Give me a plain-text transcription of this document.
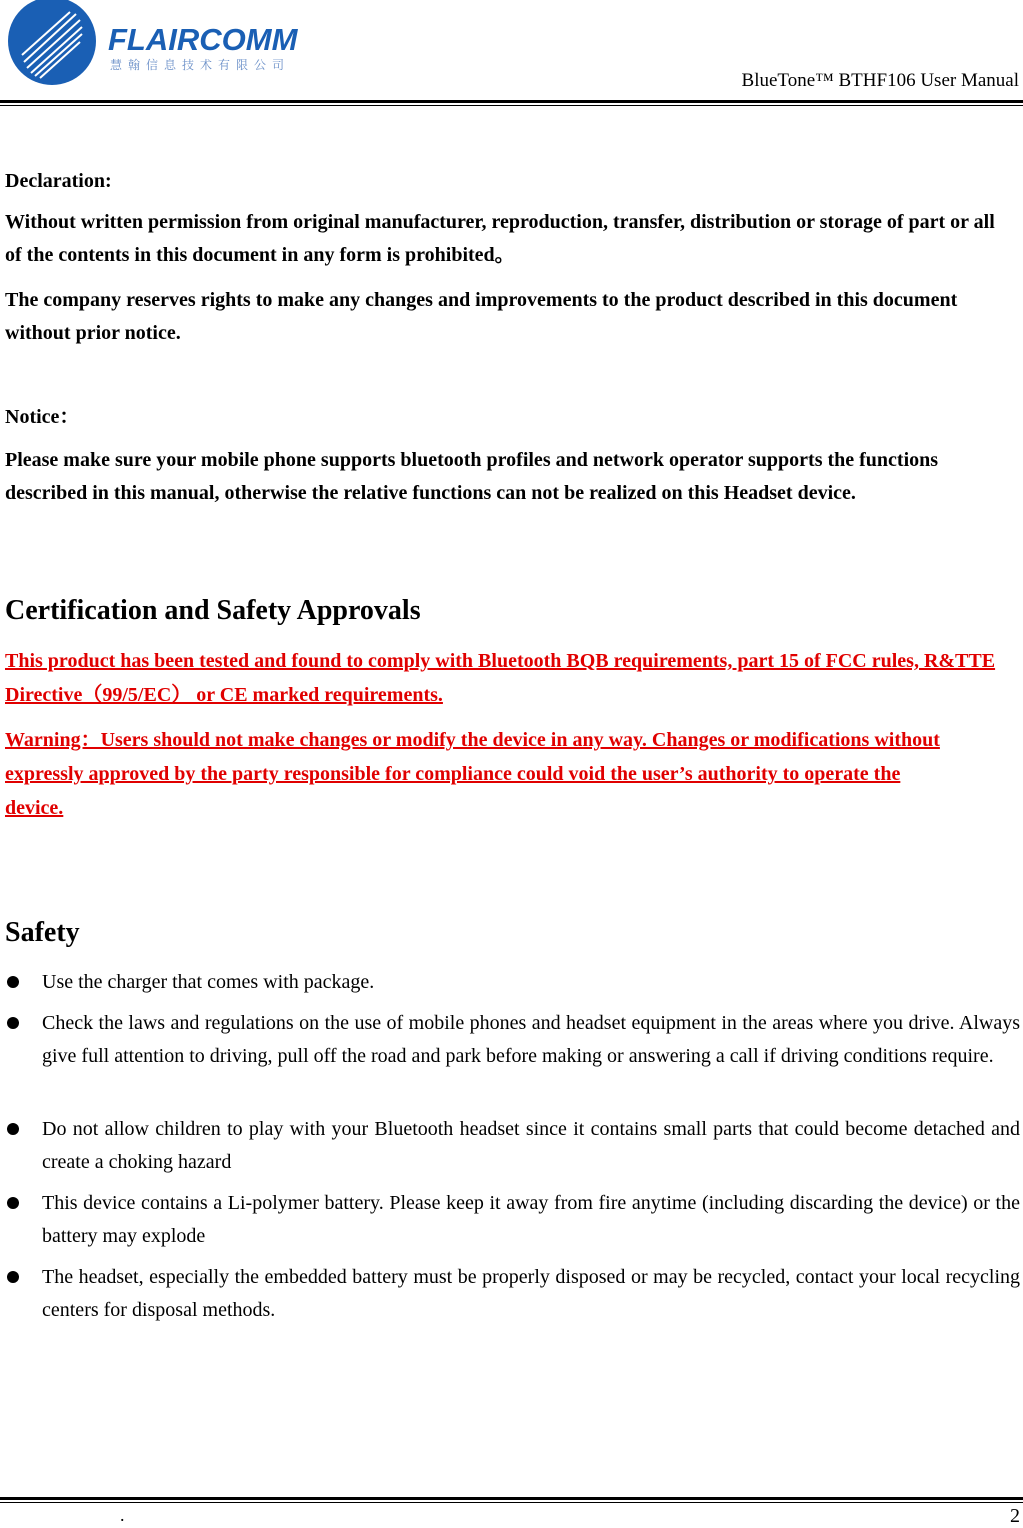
FLAIRCOMM
慧翰信息技术有限公司
BlueTone™ BTHF106 User Manual
Declaration:
Without written permission from original manufacturer, reproduction, transfer, distribution or storage of part or all of the contents in this document in any form is prohibited。
The company reserves rights to make any changes and improvements to the product described in this document without prior notice.
Notice：
Please make sure your mobile phone supports bluetooth profiles and network operator supports the functions described in this manual, otherwise the relative functions can not be realized on this Headset device.
Certification and Safety Approvals
This product has been tested and found to comply with Bluetooth BQB requirements, part 15 of FCC rules, R&TTE Directive（99/5/EC） or CE marked requirements.
Warning：Users should not make changes or modify the device in any way. Changes or modifications without expressly approved by the party responsible for compliance could void the user’s authority to operate the device.
Safety
Use the charger that comes with package.
Check the laws and regulations on the use of mobile phones and headset equipment in the areas where you drive. Always give full attention to driving, pull off the road and park before making or answering a call if driving conditions require.
Do not allow children to play with your Bluetooth headset since it contains small parts that could become detached and create a choking hazard
This device contains a Li-polymer battery. Please keep it away from fire anytime (including discarding the device) or the battery may explode
The headset, especially the embedded battery must be properly disposed or may be recycled, contact your local recycling centers for disposal methods.
.	2
